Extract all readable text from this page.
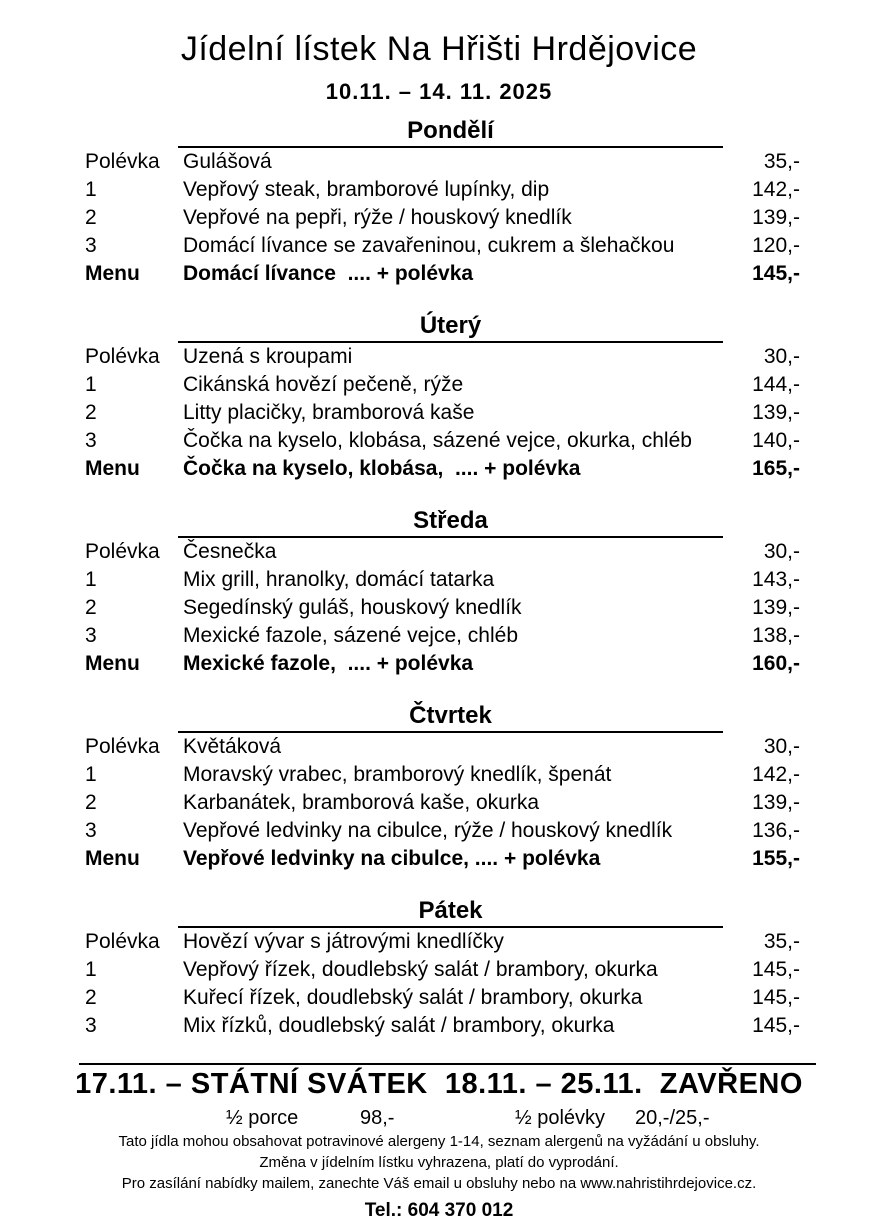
Jídelní lístek Na Hřišti Hrdějovice
10.11. – 14. 11. 2025
Pondělí
Polévka	Gulášová	35,-
1	Vepřový steak, bramborové lupínky, dip	142,-
2	Vepřové na pepři, rýže / houskový knedlík	139,-
3	Domácí lívance se zavařeninou, cukrem a šlehačkou	120,-
Menu	Domácí lívance  .... + polévka	145,-
Úterý
Polévka	Uzená s kroupami	30,-
1	Cikánská hovězí pečeně, rýže	144,-
2	Litty placičky, bramborová kaše	139,-
3	Čočka na kyselo, klobása, sázené vejce, okurka, chléb	140,-
Menu	Čočka na kyselo, klobása,  .... + polévka	165,-
Středa
Polévka	Česnečka	30,-
1	Mix grill, hranolky, domácí tatarka	143,-
2	Segedínský guláš, houskový knedlík	139,-
3	Mexické fazole, sázené vejce, chléb	138,-
Menu	Mexické fazole,  .... + polévka	160,-
Čtvrtek
Polévka	Květáková	30,-
1	Moravský vrabec, bramborový knedlík, špenát	142,-
2	Karbanátek, bramborová kaše, okurka	139,-
3	Vepřové ledvinky na cibulce, rýže / houskový knedlík	136,-
Menu	Vepřové ledvinky na cibulce, .... + polévka	155,-
Pátek
Polévka	Hovězí vývar s játrovými knedlíčky	35,-
1	Vepřový řízek, doudlebský salát / brambory, okurka	145,-
2	Kuřecí řízek, doudlebský salát / brambory, okurka	145,-
3	Mix řízků, doudlebský salát / brambory, okurka	145,-
17.11. – STÁTNÍ SVÁTEK  18.11. – 25.11.  ZAVŘENO
½ porce	98,-	½ polévky	20,-/25,-
Tato jídla mohou obsahovat potravinové alergeny 1-14, seznam alergenů na vyžádání u obsluhy.
Změna v jídelním lístku vyhrazena, platí do vyprodání.
Pro zasílání nabídky mailem, zanechte Váš email u obsluhy nebo na www.nahristihrdejovice.cz.
Tel.: 604 370 012
